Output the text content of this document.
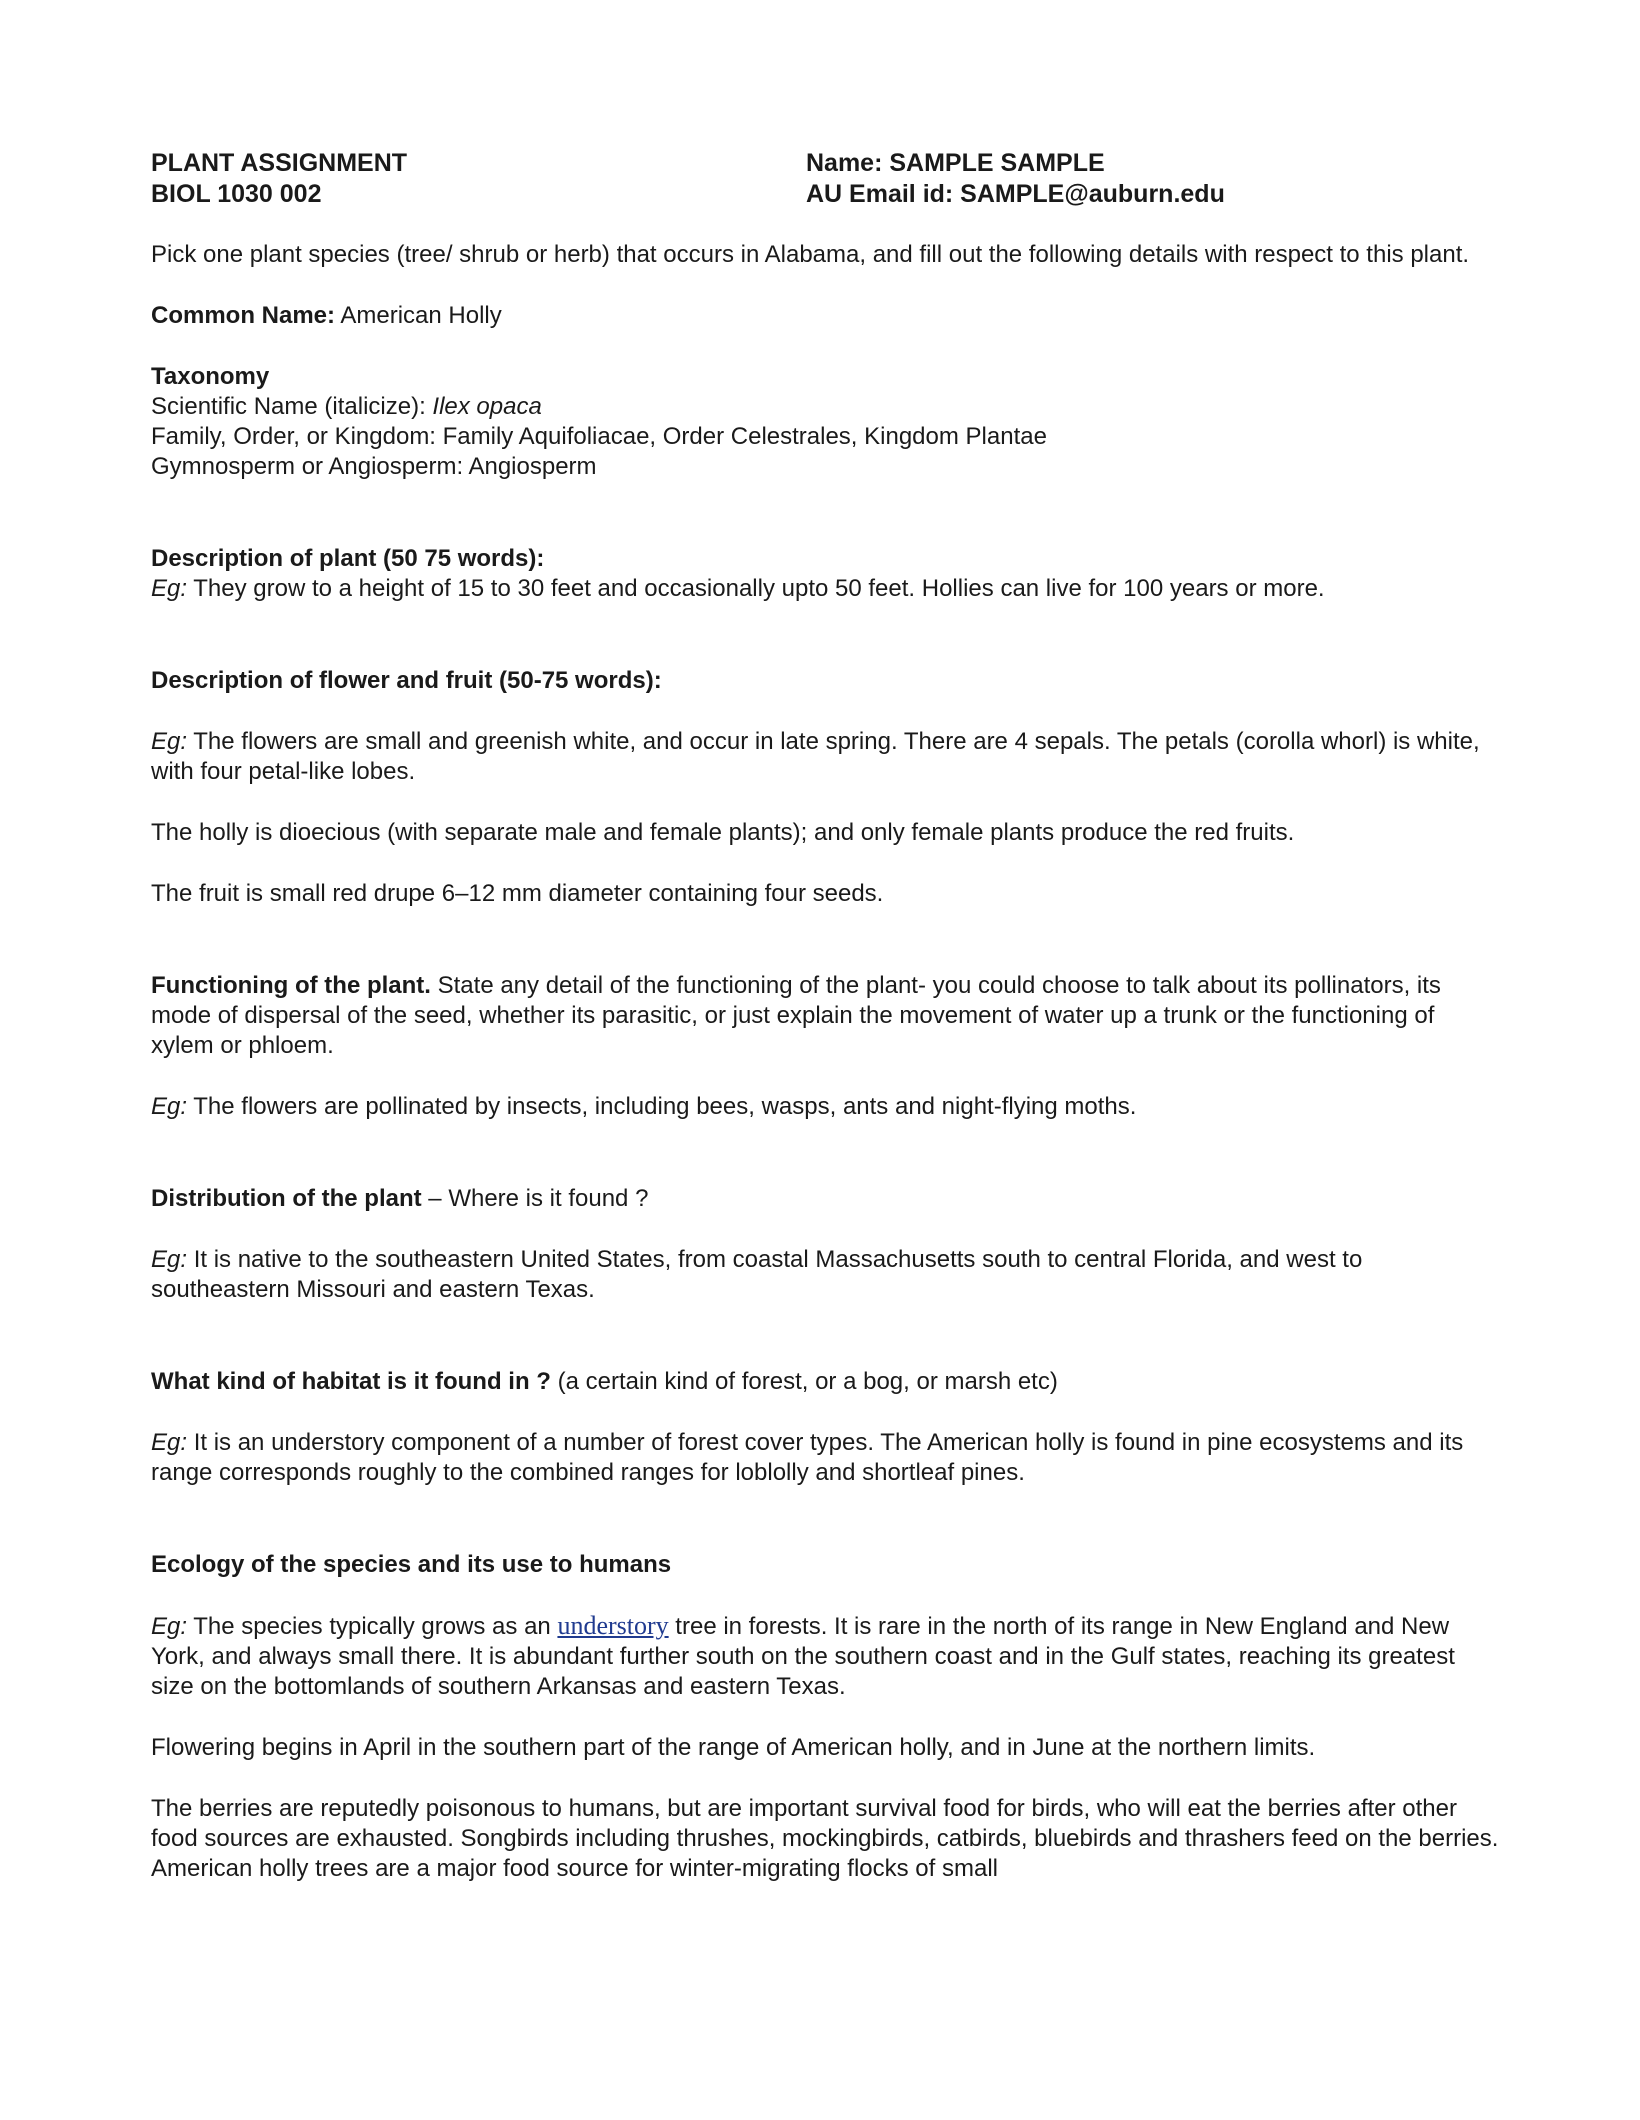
PLANT ASSIGNMENT
BIOL 1030 002
Name: SAMPLE SAMPLE
AU Email id: SAMPLE@auburn.edu

Pick one plant species (tree/ shrub or herb) that occurs in Alabama, and fill out the following details with respect to this plant.

Common Name: American Holly

Taxonomy

Scientific Name (italicize): Ilex opaca

Family, Order, or Kingdom: Family Aquifoliacae, Order Celestrales, Kingdom Plantae

Gymnosperm or Angiosperm: Angiosperm

Description of plant (50 75 words):

Eg: They grow to a height of 15 to 30 feet and occasionally upto 50 feet. Hollies can live for 100 years or more.

Description of flower and fruit (50-75 words):

Eg: The flowers are small and greenish white, and occur in late spring. There are 4 sepals. The petals (corolla whorl) is white, with four petal-like lobes.

The holly is dioecious (with separate male and female plants); and only female plants produce the red fruits.

The fruit is small red drupe 6–12 mm diameter containing four seeds.

Functioning of the plant. State any detail of the functioning of the plant- you could choose to talk about its pollinators, its mode of dispersal of the seed, whether its parasitic, or just explain the movement of water up a trunk or the functioning of xylem or phloem.

Eg: The flowers are pollinated by insects, including bees, wasps, ants and night-flying moths.

Distribution of the plant – Where is it found ?

Eg: It is native to the southeastern United States, from coastal Massachusetts south to central Florida, and west to southeastern Missouri and eastern Texas.

What kind of habitat is it found in ? (a certain kind of forest, or a bog, or marsh etc)

Eg: It is an understory component of a number of forest cover types. The American holly is found in pine ecosystems and its range corresponds roughly to the combined ranges for loblolly and shortleaf pines.

Ecology of the species and its use to humans

Eg: The species typically grows as an understory tree in forests. It is rare in the north of its range in New England and New York, and always small there. It is abundant further south on the southern coast and in the Gulf states, reaching its greatest size on the bottomlands of southern Arkansas and eastern Texas.

Flowering begins in April in the southern part of the range of American holly, and in June at the northern limits.

The berries are reputedly poisonous to humans, but are important survival food for birds, who will eat the berries after other food sources are exhausted. Songbirds including thrushes, mockingbirds, catbirds, bluebirds and thrashers feed on the berries. American holly trees are a major food source for winter-migrating flocks of small
